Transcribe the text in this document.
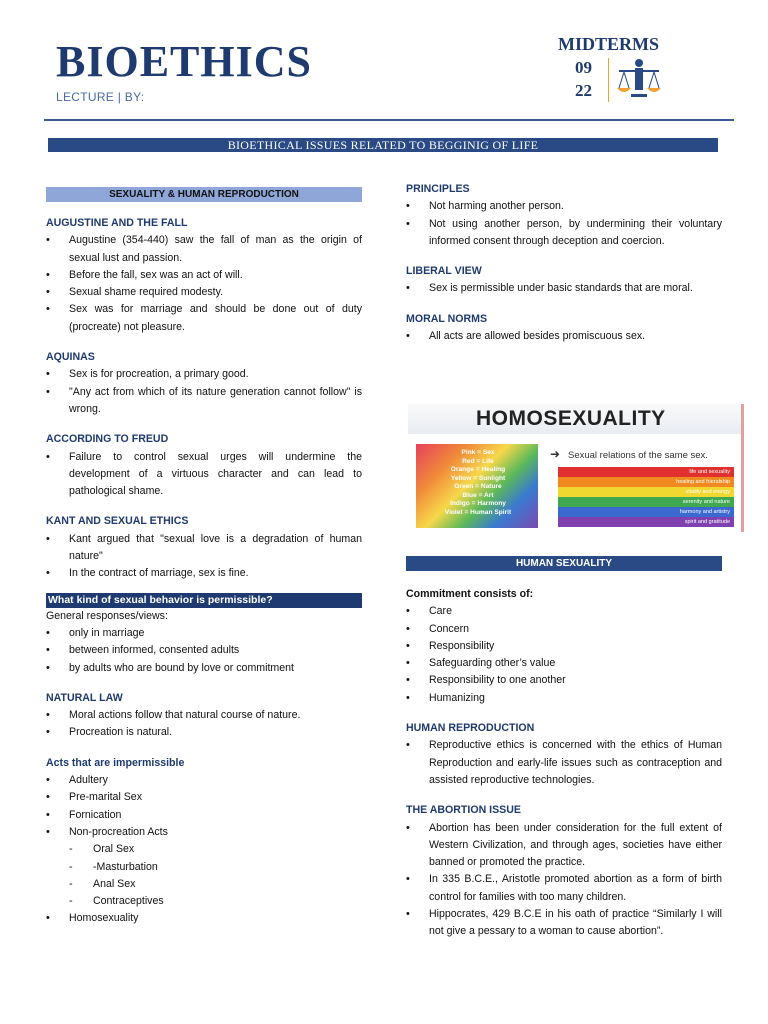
BIOETHICS
LECTURE | BY:
MIDTERMS
09
22
BIOETHICAL ISSUES RELATED TO BEGGINIG OF LIFE
SEXUALITY & HUMAN REPRODUCTION
AUGUSTINE AND THE FALL
• Augustine (354-440) saw the fall of man as the origin of sexual lust and passion.
• Before the fall, sex was an act of will.
• Sexual shame required modesty.
• Sex was for marriage and should be done out of duty (procreate) not pleasure.
AQUINAS
• Sex is for procreation, a primary good.
• "Any act from which of its nature generation cannot follow" is wrong.
ACCORDING TO FREUD
• Failure to control sexual urges will undermine the development of a virtuous character and can lead to pathological shame.
KANT AND SEXUAL ETHICS
• Kant argued that "sexual love is a degradation of human nature"
• In the contract of marriage, sex is fine.
What kind of sexual behavior is permissible?
General responses/views:
• only in marriage
• between informed, consented adults
• by adults who are bound by love or commitment
NATURAL LAW
• Moral actions follow that natural course of nature.
• Procreation is natural.
Acts that are impermissible
• Adultery
• Pre-marital Sex
• Fornication
• Non-procreation Acts
- Oral Sex
- -Masturbation
- Anal Sex
- Contraceptives
• Homosexuality
PRINCIPLES
• Not harming another person.
• Not using another person, by undermining their voluntary informed consent through deception and coercion.
LIBERAL VIEW
• Sex is permissible under basic standards that are moral.
MORAL NORMS
• All acts are allowed besides promiscuous sex.
HOMOSEXUALITY
Pink = Sex
Red = Life
Orange = Healing
Yellow = Sunlight
Green = Nature
Blue = Art
Indigo = Harmony
Violet = Human Spirit
➜ Sexual relations of the same sex.
life and sexuality
healing and friendship
vitality and energy
serenity and nature
harmony and artistry
spirit and gratitude
HUMAN SEXUALITY
Commitment consists of:
• Care
• Concern
• Responsibility
• Safeguarding other’s value
• Responsibility to one another
• Humanizing
HUMAN REPRODUCTION
• Reproductive ethics is concerned with the ethics of Human Reproduction and early-life issues such as contraception and assisted reproductive technologies.
THE ABORTION ISSUE
• Abortion has been under consideration for the full extent of Western Civilization, and through ages, societies have either banned or promoted the practice.
• In 335 B.C.E., Aristotle promoted abortion as a form of birth control for families with too many children.
• Hippocrates, 429 B.C.E in his oath of practice “Similarly I will not give a pessary to a woman to cause abortion”.
